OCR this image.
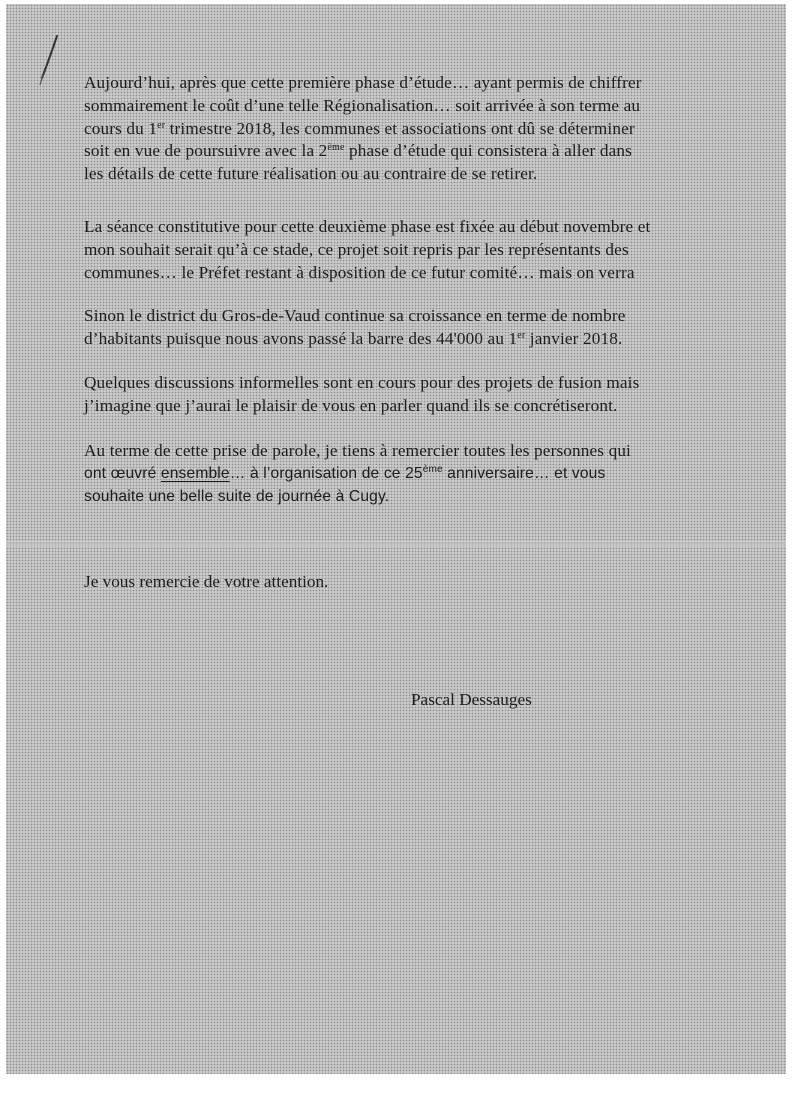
Aujourd’hui, après que cette première phase d’étude… ayant permis de chiffrer
sommairement le coût d’une telle Régionalisation… soit arrivée à son terme au
cours du 1er trimestre 2018, les communes et associations ont dû se déterminer
soit en vue de poursuivre avec la 2ème phase d’étude qui consistera à aller dans
les détails de cette future réalisation ou au contraire de se retirer.

La séance constitutive pour cette deuxième phase est fixée au début novembre et
mon souhait serait qu’à ce stade, ce projet soit repris par les représentants des
communes… le Préfet restant à disposition de ce futur comité… mais on verra

Sinon le district du Gros-de-Vaud continue sa croissance en terme de nombre
d’habitants puisque nous avons passé la barre des 44'000 au 1er janvier 2018.

Quelques discussions informelles sont en cours pour des projets de fusion mais
j’imagine que j’aurai le plaisir de vous en parler quand ils se concrétiseront.

Au terme de cette prise de parole, je tiens à remercier toutes les personnes qui
ont œuvré ensemble… à l’organisation de ce 25ème anniversaire… et vous
souhaite une belle suite de journée à Cugy.

Je vous remercie de votre attention.

Pascal Dessauges
